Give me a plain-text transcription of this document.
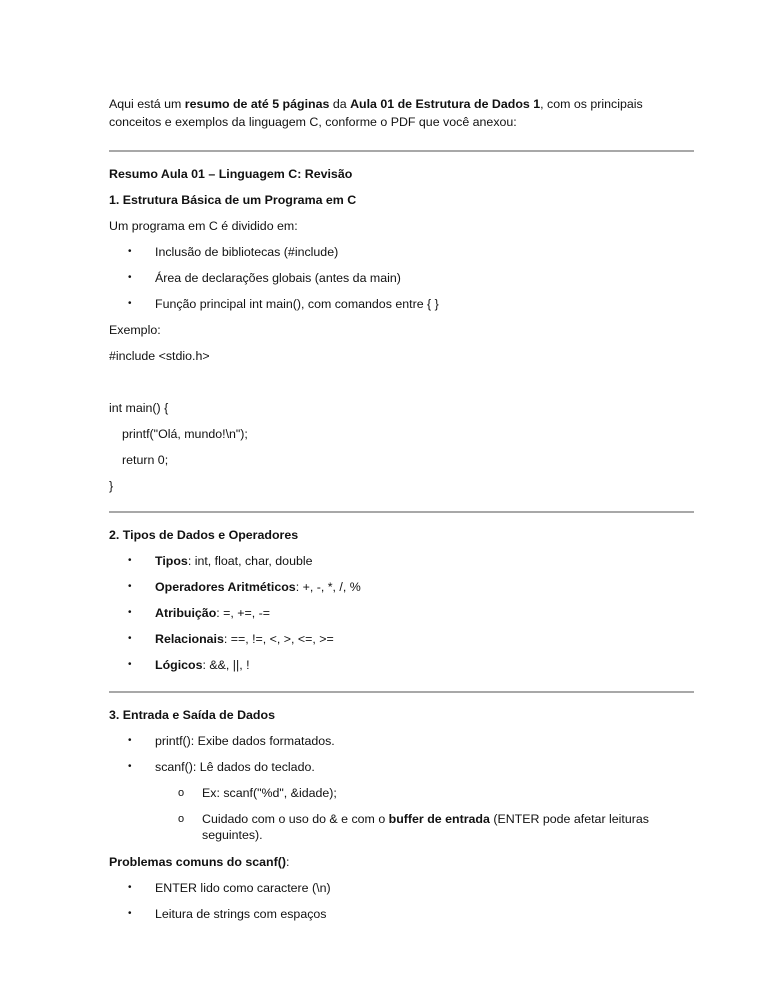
Aqui está um resumo de até 5 páginas da Aula 01 de Estrutura de Dados 1, com os principais
conceitos e exemplos da linguagem C, conforme o PDF que você anexou:
Resumo Aula 01 – Linguagem C: Revisão
1. Estrutura Básica de um Programa em C
Um programa em C é dividido em:
• Inclusão de bibliotecas (#include)
• Área de declarações globais (antes da main)
• Função principal int main(), com comandos entre { }
Exemplo:
#include <stdio.h>
int main() {
printf("Olá, mundo!\n");
return 0;
}
2. Tipos de Dados e Operadores
• Tipos: int, float, char, double
• Operadores Aritméticos: +, -, *, /, %
• Atribuição: =, +=, -=
• Relacionais: ==, !=, <, >, <=, >=
• Lógicos: &&, ||, !
3. Entrada e Saída de Dados
• printf(): Exibe dados formatados.
• scanf(): Lê dados do teclado.
o Ex: scanf("%d", &idade);
o Cuidado com o uso do & e com o buffer de entrada (ENTER pode afetar leituras
seguintes).
Problemas comuns do scanf():
• ENTER lido como caractere (\n)
• Leitura de strings com espaços
